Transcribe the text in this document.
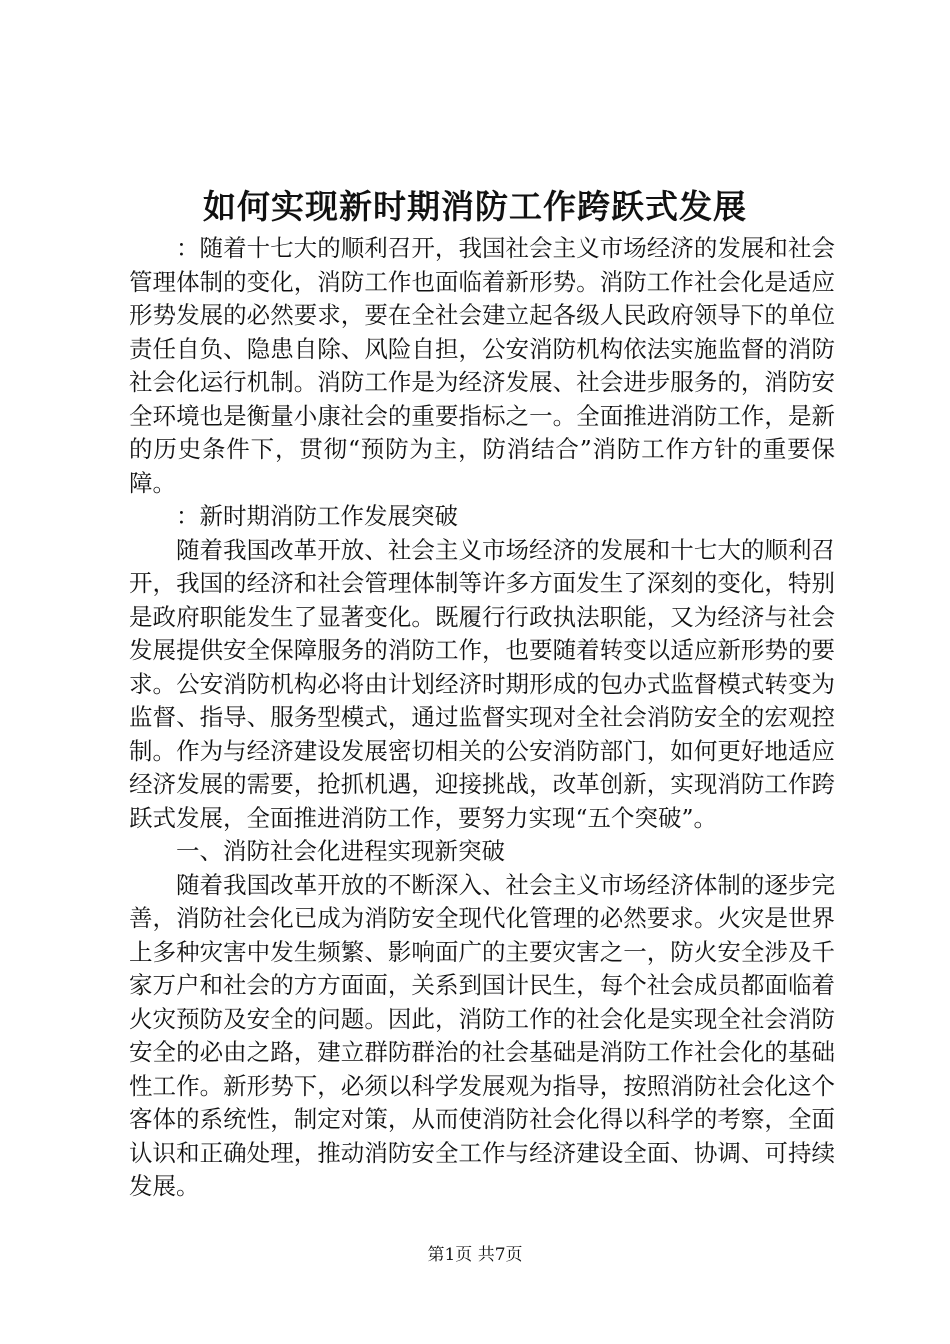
如何实现新时期消防工作跨跃式发展

：随着十七大的顺利召开，我国社会主义市场经济的发展和社会管理体制的变化，消防工作也面临着新形势。消防工作社会化是适应形势发展的必然要求，要在全社会建立起各级人民政府领导下的单位责任自负、隐患自除、风险自担，公安消防机构依法实施监督的消防社会化运行机制。消防工作是为经济发展、社会进步服务的，消防安全环境也是衡量小康社会的重要指标之一。全面推进消防工作，是新的历史条件下，贯彻“预防为主，防消结合”消防工作方针的重要保障。

：新时期消防工作发展突破

随着我国改革开放、社会主义市场经济的发展和十七大的顺利召开，我国的经济和社会管理体制等许多方面发生了深刻的变化，特别是政府职能发生了显著变化。既履行行政执法职能，又为经济与社会发展提供安全保障服务的消防工作，也要随着转变以适应新形势的要求。公安消防机构必将由计划经济时期形成的包办式监督模式转变为监督、指导、服务型模式，通过监督实现对全社会消防安全的宏观控制。作为与经济建设发展密切相关的公安消防部门，如何更好地适应经济发展的需要，抢抓机遇，迎接挑战，改革创新，实现消防工作跨跃式发展，全面推进消防工作，要努力实现“五个突破”。

一、消防社会化进程实现新突破

随着我国改革开放的不断深入、社会主义市场经济体制的逐步完善，消防社会化已成为消防安全现代化管理的必然要求。火灾是世界上多种灾害中发生频繁、影响面广的主要灾害之一，防火安全涉及千家万户和社会的方方面面，关系到国计民生，每个社会成员都面临着火灾预防及安全的问题。因此，消防工作的社会化是实现全社会消防安全的必由之路，建立群防群治的社会基础是消防工作社会化的基础性工作。新形势下，必须以科学发展观为指导，按照消防社会化这个客体的系统性，制定对策，从而使消防社会化得以科学的考察，全面认识和正确处理，推动消防安全工作与经济建设全面、协调、可持续发展。

第1页 共7页
